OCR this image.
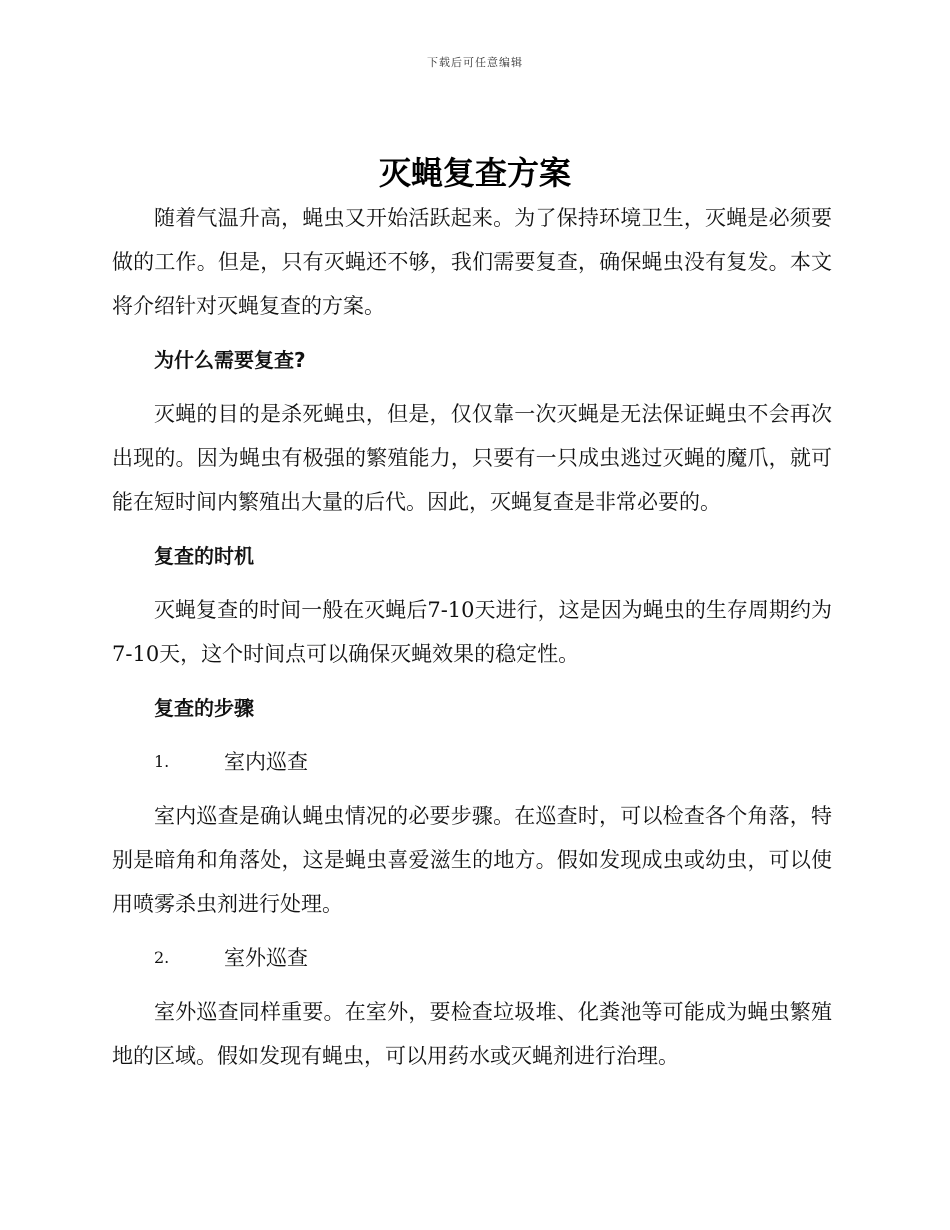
下载后可任意编辑
灭蝇复查方案

随着气温升高，蝇虫又开始活跃起来。为了保持环境卫生，灭蝇是必须要做的工作。但是，只有灭蝇还不够，我们需要复查，确保蝇虫没有复发。本文将介绍针对灭蝇复查的方案。

为什么需要复查?

灭蝇的目的是杀死蝇虫，但是，仅仅靠一次灭蝇是无法保证蝇虫不会再次出现的。因为蝇虫有极强的繁殖能力，只要有一只成虫逃过灭蝇的魔爪，就可能在短时间内繁殖出大量的后代。因此，灭蝇复查是非常必要的。

复查的时机

灭蝇复查的时间一般在灭蝇后7-10天进行，这是因为蝇虫的生存周期约为7-10天，这个时间点可以确保灭蝇效果的稳定性。

复查的步骤
1.	室内巡查

室内巡查是确认蝇虫情况的必要步骤。在巡查时，可以检查各个角落，特别是暗角和角落处，这是蝇虫喜爱滋生的地方。假如发现成虫或幼虫，可以使用喷雾杀虫剂进行处理。

2.	室外巡查

室外巡查同样重要。在室外，要检查垃圾堆、化粪池等可能成为蝇虫繁殖地的区域。假如发现有蝇虫，可以用药水或灭蝇剂进行治理。
